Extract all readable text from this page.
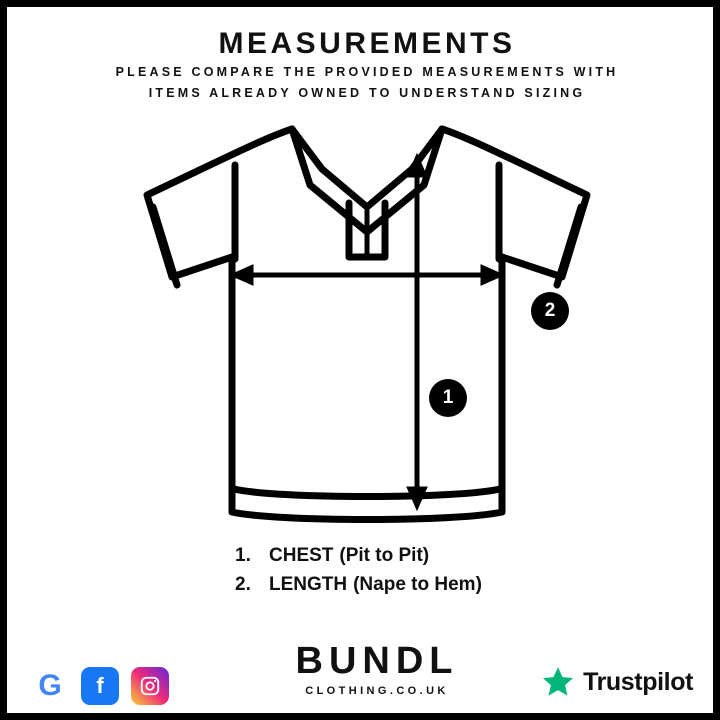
MEASUREMENTS
PLEASE COMPARE THE PROVIDED MEASUREMENTS WITH
ITEMS ALREADY OWNED TO UNDERSTAND SIZING
1
2
1. CHEST (Pit to Pit)
2. LENGTH (Nape to Hem)
G f
BUNDL
CLOTHING.CO.UK	Trustpilot
